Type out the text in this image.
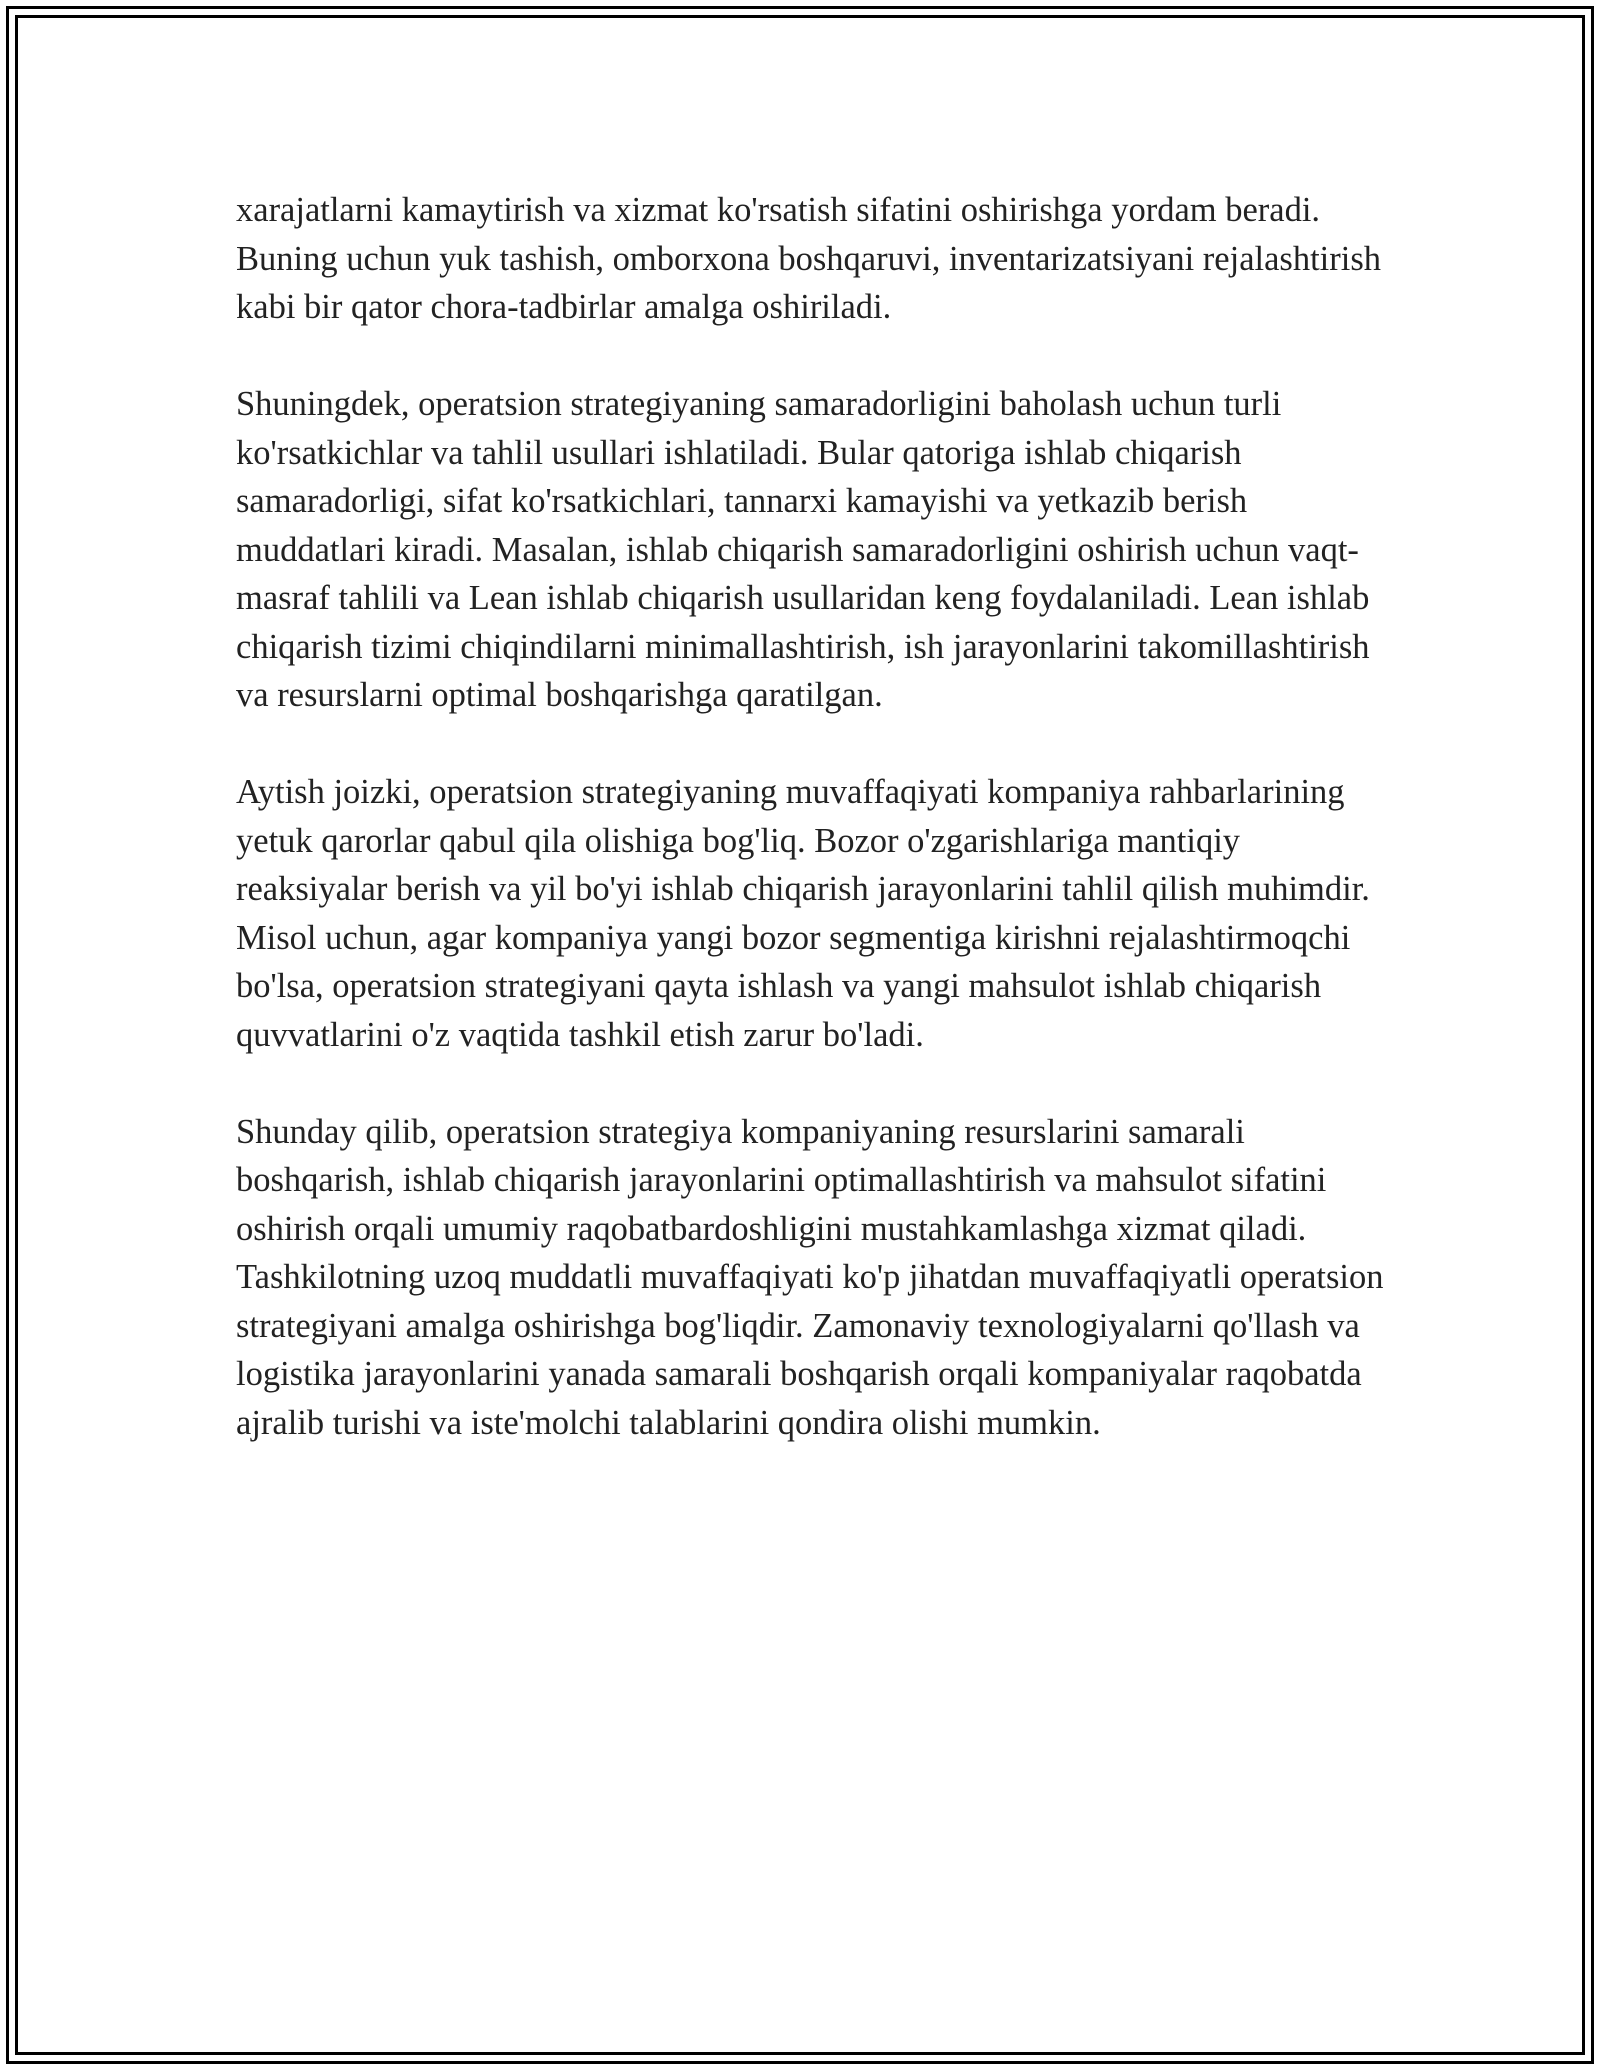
xarajatlarni kamaytirish va xizmat ko'rsatish sifatini oshirishga yordam beradi. Buning uchun yuk tashish, omborxona boshqaruvi, inventarizatsiyani rejalashtirish kabi bir qator chora-tadbirlar amalga oshiriladi.

Shuningdek, operatsion strategiyaning samaradorligini baholash uchun turli ko'rsatkichlar va tahlil usullari ishlatiladi. Bular qatoriga ishlab chiqarish samaradorligi, sifat ko'rsatkichlari, tannarxi kamayishi va yetkazib berish muddatlari kiradi. Masalan, ishlab chiqarish samaradorligini oshirish uchun vaqt-masraf tahlili va Lean ishlab chiqarish usullaridan keng foydalaniladi. Lean ishlab chiqarish tizimi chiqindilarni minimallashtirish, ish jarayonlarini takomillashtirish va resurslarni optimal boshqarishga qaratilgan.

Aytish joizki, operatsion strategiyaning muvaffaqiyati kompaniya rahbarlarining yetuk qarorlar qabul qila olishiga bog'liq. Bozor o'zgarishlariga mantiqiy reaksiyalar berish va yil bo'yi ishlab chiqarish jarayonlarini tahlil qilish muhimdir. Misol uchun, agar kompaniya yangi bozor segmentiga kirishni rejalashtirmoqchi bo'lsa, operatsion strategiyani qayta ishlash va yangi mahsulot ishlab chiqarish quvvatlarini o'z vaqtida tashkil etish zarur bo'ladi.

Shunday qilib, operatsion strategiya kompaniyaning resurslarini samarali boshqarish, ishlab chiqarish jarayonlarini optimallashtirish va mahsulot sifatini oshirish orqali umumiy raqobatbardoshligini mustahkamlashga xizmat qiladi. Tashkilotning uzoq muddatli muvaffaqiyati ko'p jihatdan muvaffaqiyatli operatsion strategiyani amalga oshirishga bog'liqdir. Zamonaviy texnologiyalarni qo'llash va logistika jarayonlarini yanada samarali boshqarish orqali kompaniyalar raqobatda ajralib turishi va iste'molchi talablarini qondira olishi mumkin.
